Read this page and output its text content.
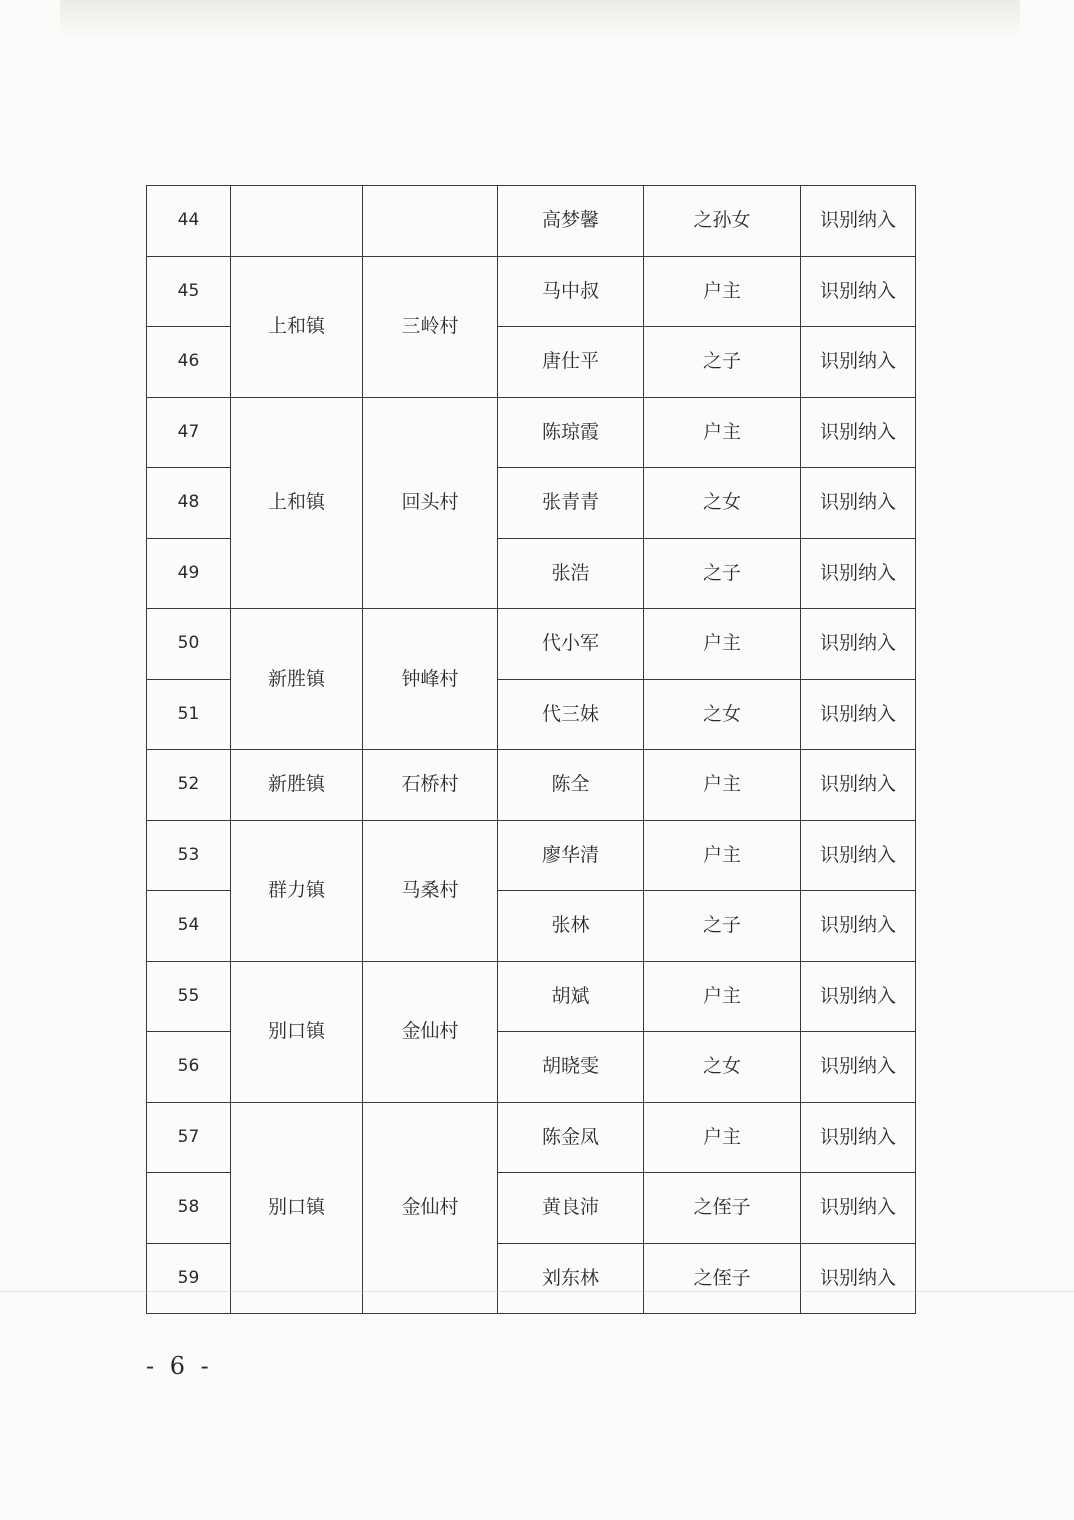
44			高梦馨	之孙女	识别纳入
45	上和镇	三岭村	马中叔	户主	识别纳入
46			唐仕平	之子	识别纳入
47	上和镇	回头村	陈琼霞	户主	识别纳入
48			张青青	之女	识别纳入
49			张浩	之子	识别纳入
50	新胜镇	钟峰村	代小军	户主	识别纳入
51			代三妹	之女	识别纳入
52	新胜镇	石桥村	陈全	户主	识别纳入
53	群力镇	马桑村	廖华清	户主	识别纳入
54			张林	之子	识别纳入
55	别口镇	金仙村	胡斌	户主	识别纳入
56			胡晓雯	之女	识别纳入
57	别口镇	金仙村	陈金凤	户主	识别纳入
58			黄良沛	之侄子	识别纳入
59			刘东林	之侄子	识别纳入
- 6 -
